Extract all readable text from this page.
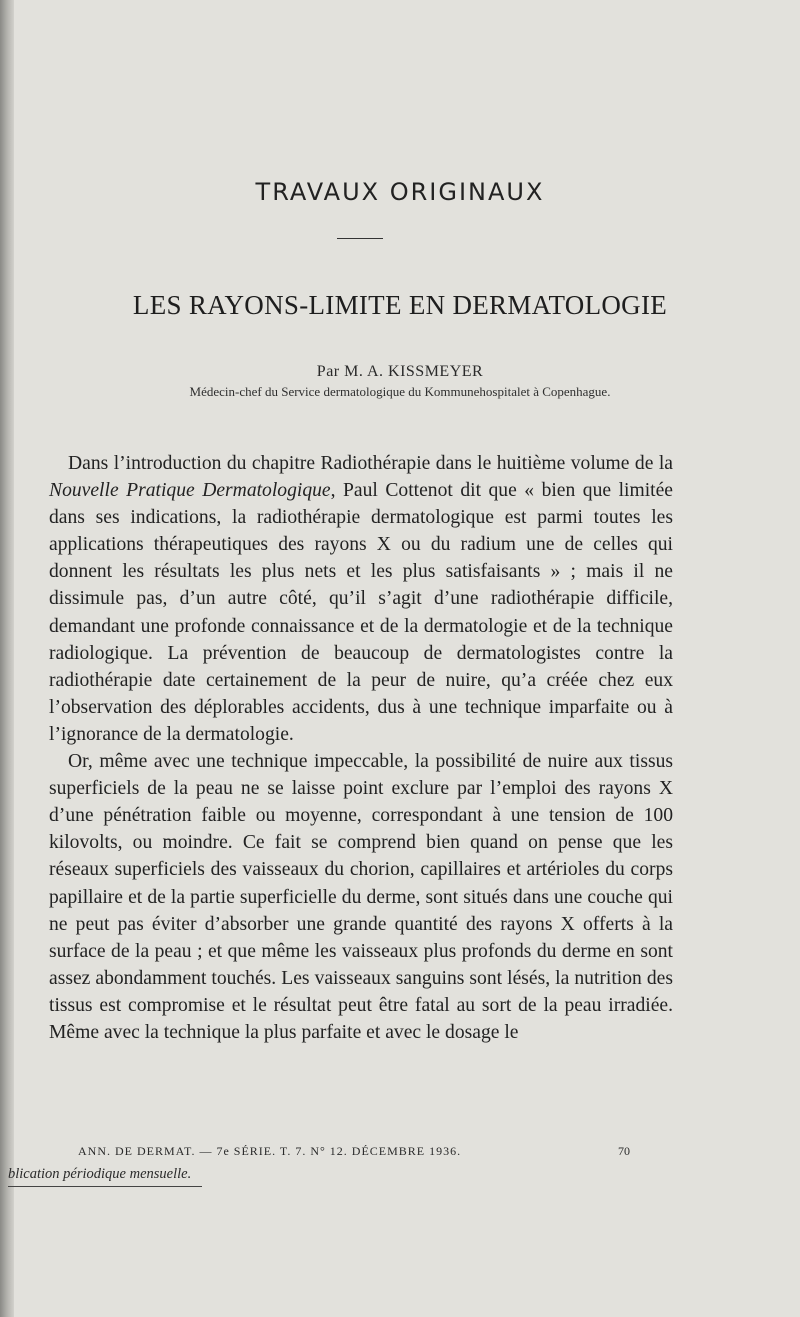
TRAVAUX ORIGINAUX
LES RAYONS-LIMITE EN DERMATOLOGIE
Par M. A. KISSMEYER
Médecin-chef du Service dermatologique du Kommunehospitalet à Copenhague.

Dans l’introduction du chapitre Radiothérapie dans le huitième volume de la Nouvelle Pratique Dermatologique, Paul Cottenot dit que « bien que limitée dans ses indications, la radiothérapie dermatologique est parmi toutes les applications thérapeutiques des rayons X ou du radium une de celles qui donnent les résultats les plus nets et les plus satisfaisants » ; mais il ne dissimule pas, d’un autre côté, qu’il s’agit d’une radiothérapie difficile, demandant une profonde connaissance et de la dermatologie et de la technique radiologique. La prévention de beaucoup de dermatologistes contre la radiothérapie date certainement de la peur de nuire, qu’a créée chez eux l’observation des déplorables accidents, dus à une technique imparfaite ou à l’ignorance de la dermatologie.

Or, même avec une technique impeccable, la possibilité de nuire aux tissus superficiels de la peau ne se laisse point exclure par l’emploi des rayons X d’une pénétration faible ou moyenne, correspondant à une tension de 100 kilovolts, ou moindre. Ce fait se comprend bien quand on pense que les réseaux superficiels des vaisseaux du chorion, capillaires et artérioles du corps papillaire et de la partie superficielle du derme, sont situés dans une couche qui ne peut pas éviter d’absorber une grande quantité des rayons X offerts à la surface de la peau ; et que même les vaisseaux plus profonds du derme en sont assez abondamment touchés. Les vaisseaux sanguins sont lésés, la nutrition des tissus est compromise et le résultat peut être fatal au sort de la peau irradiée. Même avec la technique la plus parfaite et avec le dosage le

ANN. DE DERMAT. — 7e SÉRIE. T. 7. N° 12. DÉCEMBRE 1936.	70
blication périodique mensuelle.
